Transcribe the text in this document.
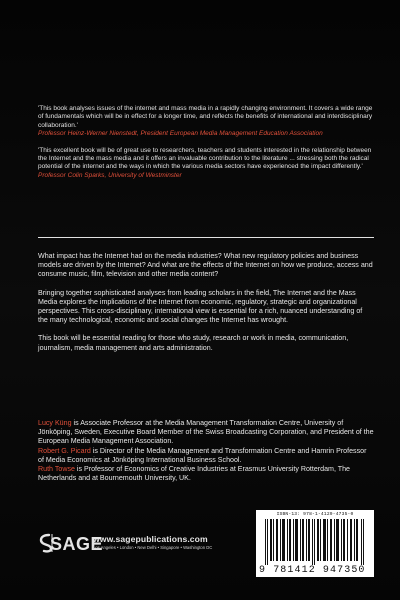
'This book analyses issues of the internet and mass media in a rapidly changing environment. It covers a wide range of fundamentals which will be in effect for a longer time, and reflects the benefits of international and interdisciplinary collaboration.'

Professor Heinz-Werner Nienstedt, President European Media Management Education Association

'This excellent book will be of great use to researchers, teachers and students interested in the relationship between the Internet and the mass media and it offers an invaluable contribution to the literature ... stressing both the radical potential of the internet and the ways in which the various media sectors have experienced the impact differently.'

Professor Colin Sparks, University of Westminster

What impact has the Internet had on the media industries? What new regulatory policies and business models are driven by the Internet? And what are the effects of the Internet on how we produce, access and consume music, film, television and other media content?

Bringing together sophisticated analyses from leading scholars in the field, The Internet and the Mass Media explores the implications of the Internet from economic, regulatory, strategic and organizational perspectives. This cross-disciplinary, international view is essential for a rich, nuanced understanding of the many technological, economic and social changes the Internet has wrought.

This book will be essential reading for those who study, research or work in media, communication, journalism, media management and arts administration.

Lucy Küng is Associate Professor at the Media Management Transformation Centre, University of Jönköping, Sweden, Executive Board Member of the Swiss Broadcasting Corporation, and President of the European Media Management Association.

Robert G. Picard is Director of the Media Management and Transformation Centre and Hamrin Professor of Media Economics at Jönköping International Business School.

Ruth Towse is Professor of Economics of Creative Industries at Erasmus University Rotterdam, The Netherlands and at Bournemouth University, UK.

SAGE
www.sagepublications.com
Los Angeles • London • New Delhi • Singapore • Washington DC
ISBN-13: 978-1-4129-4735-0
9 781412 947350
